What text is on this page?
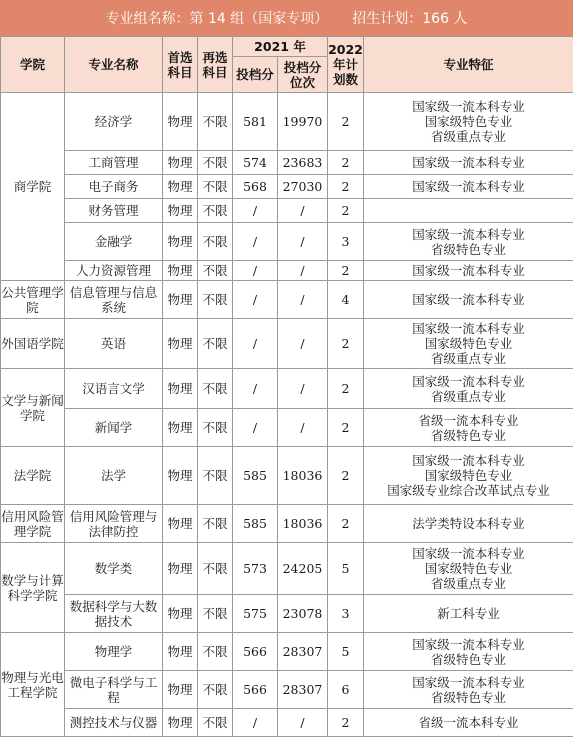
专业组名称：第 14 组（国家专项） 招生计划：166 人
学院	专业名称	首选科目	再选科目	2021 年		2022 年计划数	专业特征
				投档分	投档分位次		
商学院	经济学	物理	不限	581	19970	2	国家级一流本科专业
国家级特色专业
省级重点专业

	工商管理	物理	不限	574	23683	2	国家级一流本科专业

	电子商务	物理	不限	568	27030	2	国家级一流本科专业

	财务管理	物理	不限	/	/	2	
	金融学	物理	不限	/	/	3	国家级一流本科专业
省级特色专业

	人力资源管理	物理	不限	/	/	2	国家级一流本科专业

公共管理学院	信息管理与信息系统	物理	不限	/	/	4	国家级一流本科专业

外国语学院	英语	物理	不限	/	/	2	国家级一流本科专业
国家级特色专业
省级重点专业

文学与新闻学院	汉语言文学	物理	不限	/	/	2	国家级一流本科专业
省级重点专业

	新闻学	物理	不限	/	/	2	省级一流本科专业
省级特色专业

法学院	法学	物理	不限	585	18036	2	国家级一流本科专业
国家级特色专业
国家级专业综合改革试点专业

信用风险管理学院	信用风险管理与法律防控	物理	不限	585	18036	2	法学类特设本科专业

数学与计算科学学院	数学类	物理	不限	573	24205	5	国家级一流本科专业
国家级特色专业
省级重点专业

	数据科学与大数据技术	物理	不限	575	23078	3	新工科专业

物理与光电工程学院	物理学	物理	不限	566	28307	5	国家级一流本科专业
省级特色专业

	微电子科学与工程	物理	不限	566	28307	6	国家级一流本科专业
省级特色专业

	测控技术与仪器	物理	不限	/	/	2	省级一流本科专业
